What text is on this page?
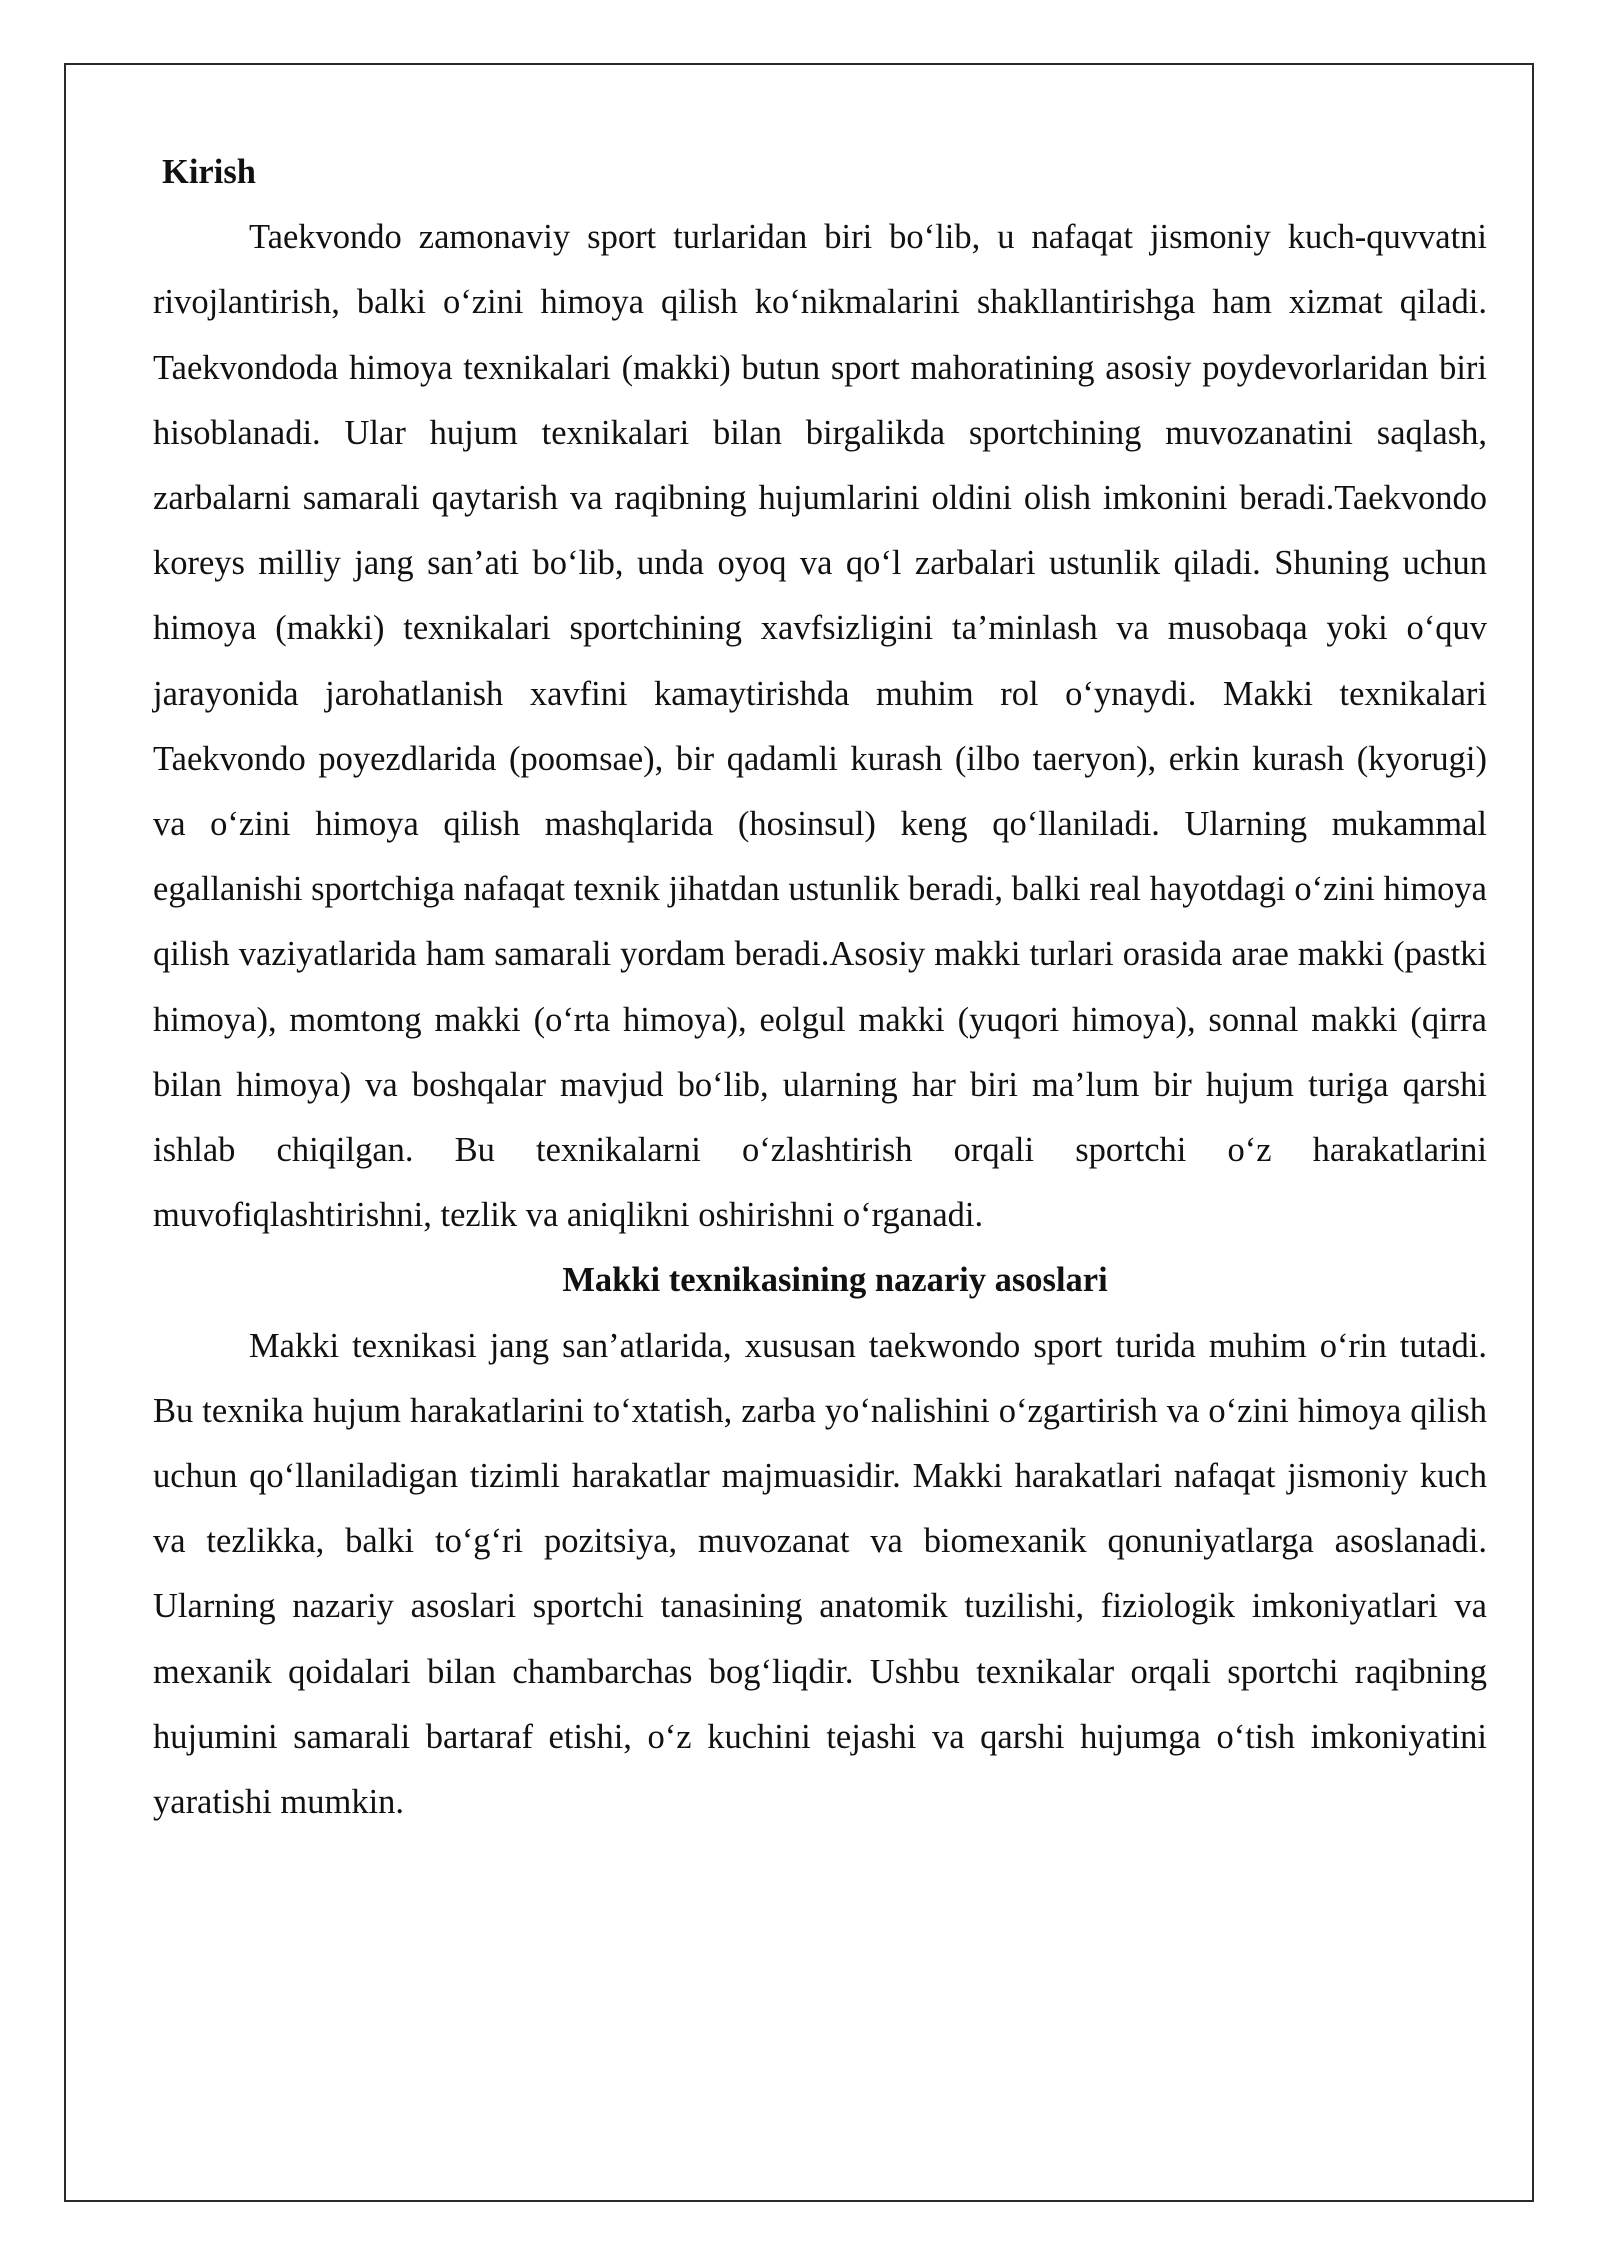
Kirish

Taekvondo zamonaviy sport turlaridan biri bo‘lib, u nafaqat jismoniy kuch-quvvatni rivojlantirish, balki o‘zini himoya qilish ko‘nikmalarini shakllantirishga ham xizmat qiladi. Taekvondoda himoya texnikalari (makki) butun sport mahoratining asosiy poydevorlaridan biri hisoblanadi. Ular hujum texnikalari bilan birgalikda sportchining muvozanatini saqlash, zarbalarni samarali qaytarish va raqibning hujumlarini oldini olish imkonini beradi.Taekvondo koreys milliy jang san’ati bo‘lib, unda oyoq va qo‘l zarbalari ustunlik qiladi. Shuning uchun himoya (makki) texnikalari sportchining xavfsizligini ta’minlash va musobaqa yoki o‘quv jarayonida jarohatlanish xavfini kamaytirishda muhim rol o‘ynaydi. Makki texnikalari Taekvondo poyezdlarida (poomsae), bir qadamli kurash (ilbo taeryon), erkin kurash (kyorugi) va o‘zini himoya qilish mashqlarida (hosinsul) keng qo‘llaniladi. Ularning mukammal egallanishi sportchiga nafaqat texnik jihatdan ustunlik beradi, balki real hayotdagi o‘zini himoya qilish vaziyatlarida ham samarali yordam beradi.Asosiy makki turlari orasida arae makki (pastki himoya), momtong makki (o‘rta himoya), eolgul makki (yuqori himoya), sonnal makki (qirra bilan himoya) va boshqalar mavjud bo‘lib, ularning har biri ma’lum bir hujum turiga qarshi ishlab chiqilgan. Bu texnikalarni o‘zlashtirish orqali sportchi o‘z harakatlarini muvofiqlashtirishni, tezlik va aniqlikni oshirishni o‘rganadi.

Makki texnikasining nazariy asoslari

Makki texnikasi jang san’atlarida, xususan taekwondo sport turida muhim o‘rin tutadi. Bu texnika hujum harakatlarini to‘xtatish, zarba yo‘nalishini o‘zgartirish va o‘zini himoya qilish uchun qo‘llaniladigan tizimli harakatlar majmuasidir. Makki harakatlari nafaqat jismoniy kuch va tezlikka, balki to‘g‘ri pozitsiya, muvozanat va biomexanik qonuniyatlarga asoslanadi. Ularning nazariy asoslari sportchi tanasining anatomik tuzilishi, fiziologik imkoniyatlari va mexanik qoidalari bilan chambarchas bog‘liqdir. Ushbu texnikalar orqali sportchi raqibning hujumini samarali bartaraf etishi, o‘z kuchini tejashi va qarshi hujumga o‘tish imkoniyatini yaratishi mumkin.
